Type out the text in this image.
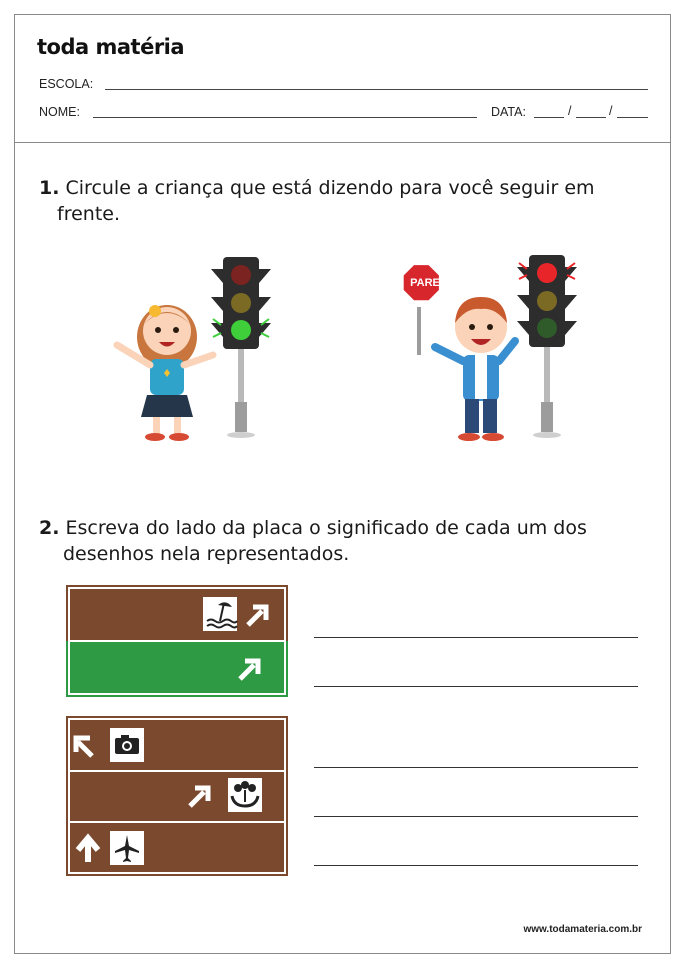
toda matéria
ESCOLA:
NOME:	DATA:	/	/
1. Circule a criança que está dizendo para você seguir em
frente.
PARE
2. Escreva do lado da placa o significado de cada um dos
desenhos nela representados.
www.todamateria.com.br
